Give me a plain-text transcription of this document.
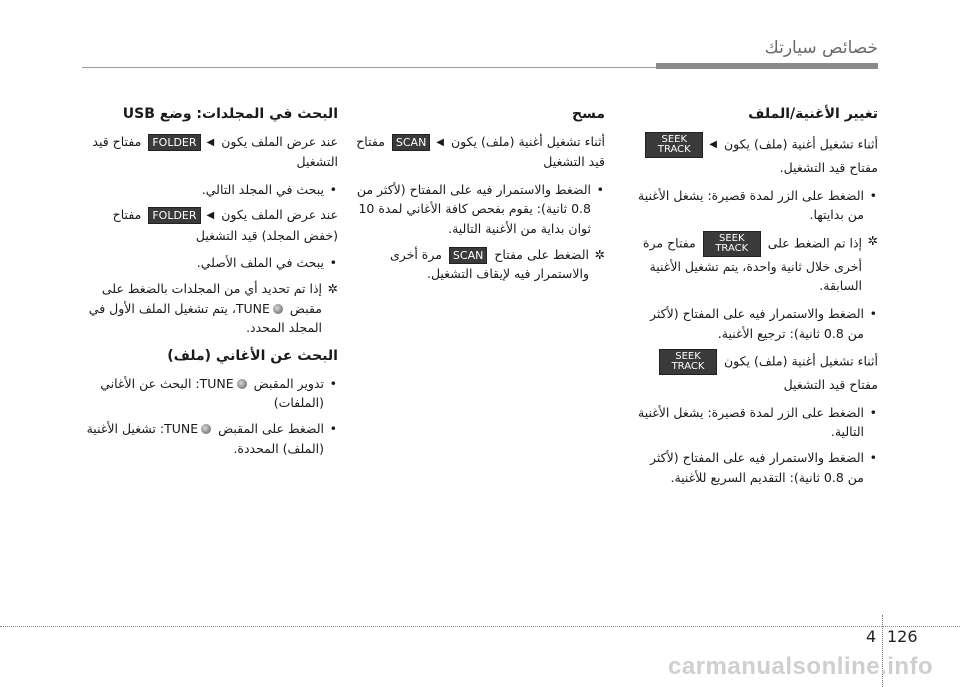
خصائص سيارتك
تغيير الأغنية/الملف
أثناء تشغيل أغنية (ملف) يكون ◀SEEK
TRACK مفتاح قيد التشغيل.
• الضغط على الزر لمدة قصيرة: يشغل الأغنية من بدايتها.
✲
إذا تم الضغط على SEEK
TRACK مفتاح مرة أخرى خلال ثانية واحدة، يتم تشغيل الأغنية السابقة.
• الضغط والاستمرار فيه على المفتاح (لأكثر من 0.8 ثانية): ترجيع الأغنية.
أثناء تشغيل أغنية (ملف) يكون SEEK
TRACK مفتاح قيد التشغيل
• الضغط على الزر لمدة قصيرة: يشغل الأغنية التالية.
• الضغط والاستمرار فيه على المفتاح (لأكثر من 0.8 ثانية): التقديم السريع للأغنية.
مسح
أثناء تشغيل أغنية (ملف) يكون ◀SCAN مفتاح قيد التشغيل
• الضغط والاستمرار فيه على المفتاح (لأكثر من 0.8 ثانية): يقوم بفحص كافة الأغاني لمدة 10 ثوان بداية من الأغنية التالية.
✲
الضغط على مفتاح SCAN مرة أخرى والاستمرار فيه لإيقاف التشغيل.
البحث في المجلدات: وضع USB
عند عرض الملف يكون ◀FOLDER مفتاح قيد التشغيل
• يبحث في المجلد التالي.
عند عرض الملف يكون ◀FOLDER مفتاح (خفض المجلد) قيد التشغيل
• يبحث في الملف الأصلي.
✲
إذا تم تحديد أي من المجلدات بالضغط على مقبض TUNE، يتم تشغيل الملف الأول في المجلد المحدد.
البحث عن الأغاني (ملف)
• تدوير المقبض TUNE: البحث عن الأغاني (الملفات)
• الضغط على المقبض TUNE: تشغيل الأغنية (الملف) المحددة.
4 126
carmanualsonline.info
